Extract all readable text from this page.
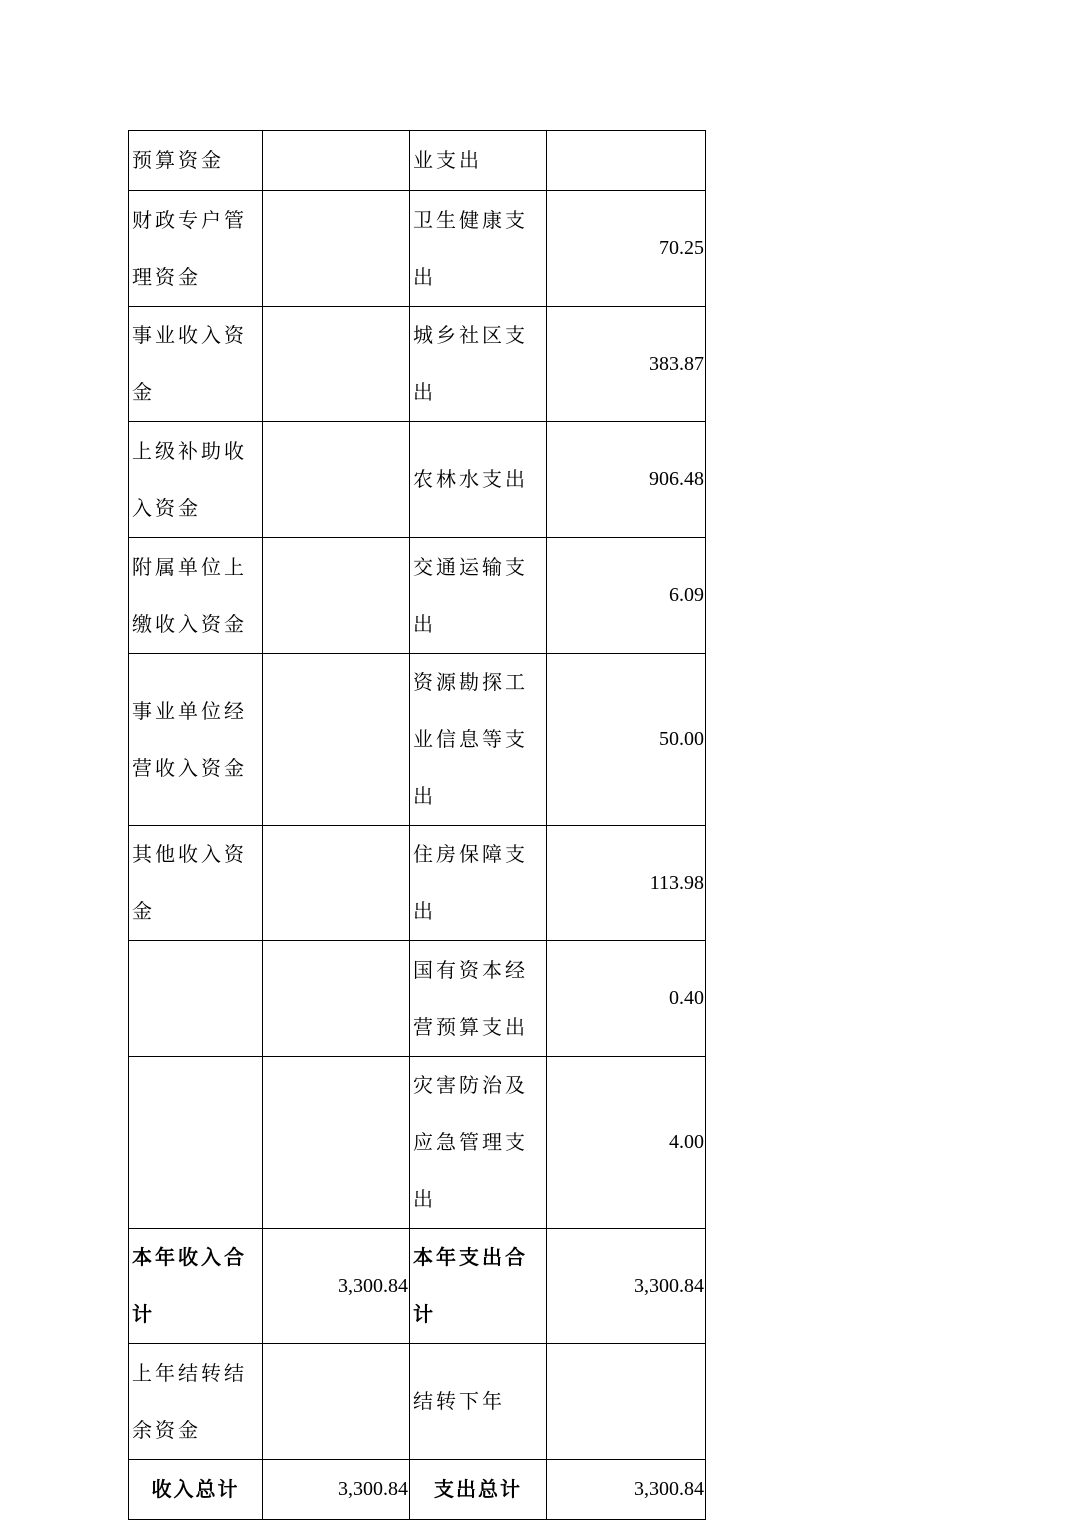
预算资金		业支出	
财政专户管理资金		卫生健康支出	70.25
事业收入资金		城乡社区支出	383.87
上级补助收入资金		农林水支出	906.48
附属单位上缴收入资金		交通运输支出	6.09
事业单位经营收入资金		资源勘探工业信息等支出	50.00
其他收入资金		住房保障支出	113.98
		国有资本经营预算支出	0.40
		灾害防治及应急管理支出	4.00
本年收入合计	3,300.84	本年支出合计	3,300.84
上年结转结余资金		结转下年	
收入总计	3,300.84	支出总计	3,300.84
